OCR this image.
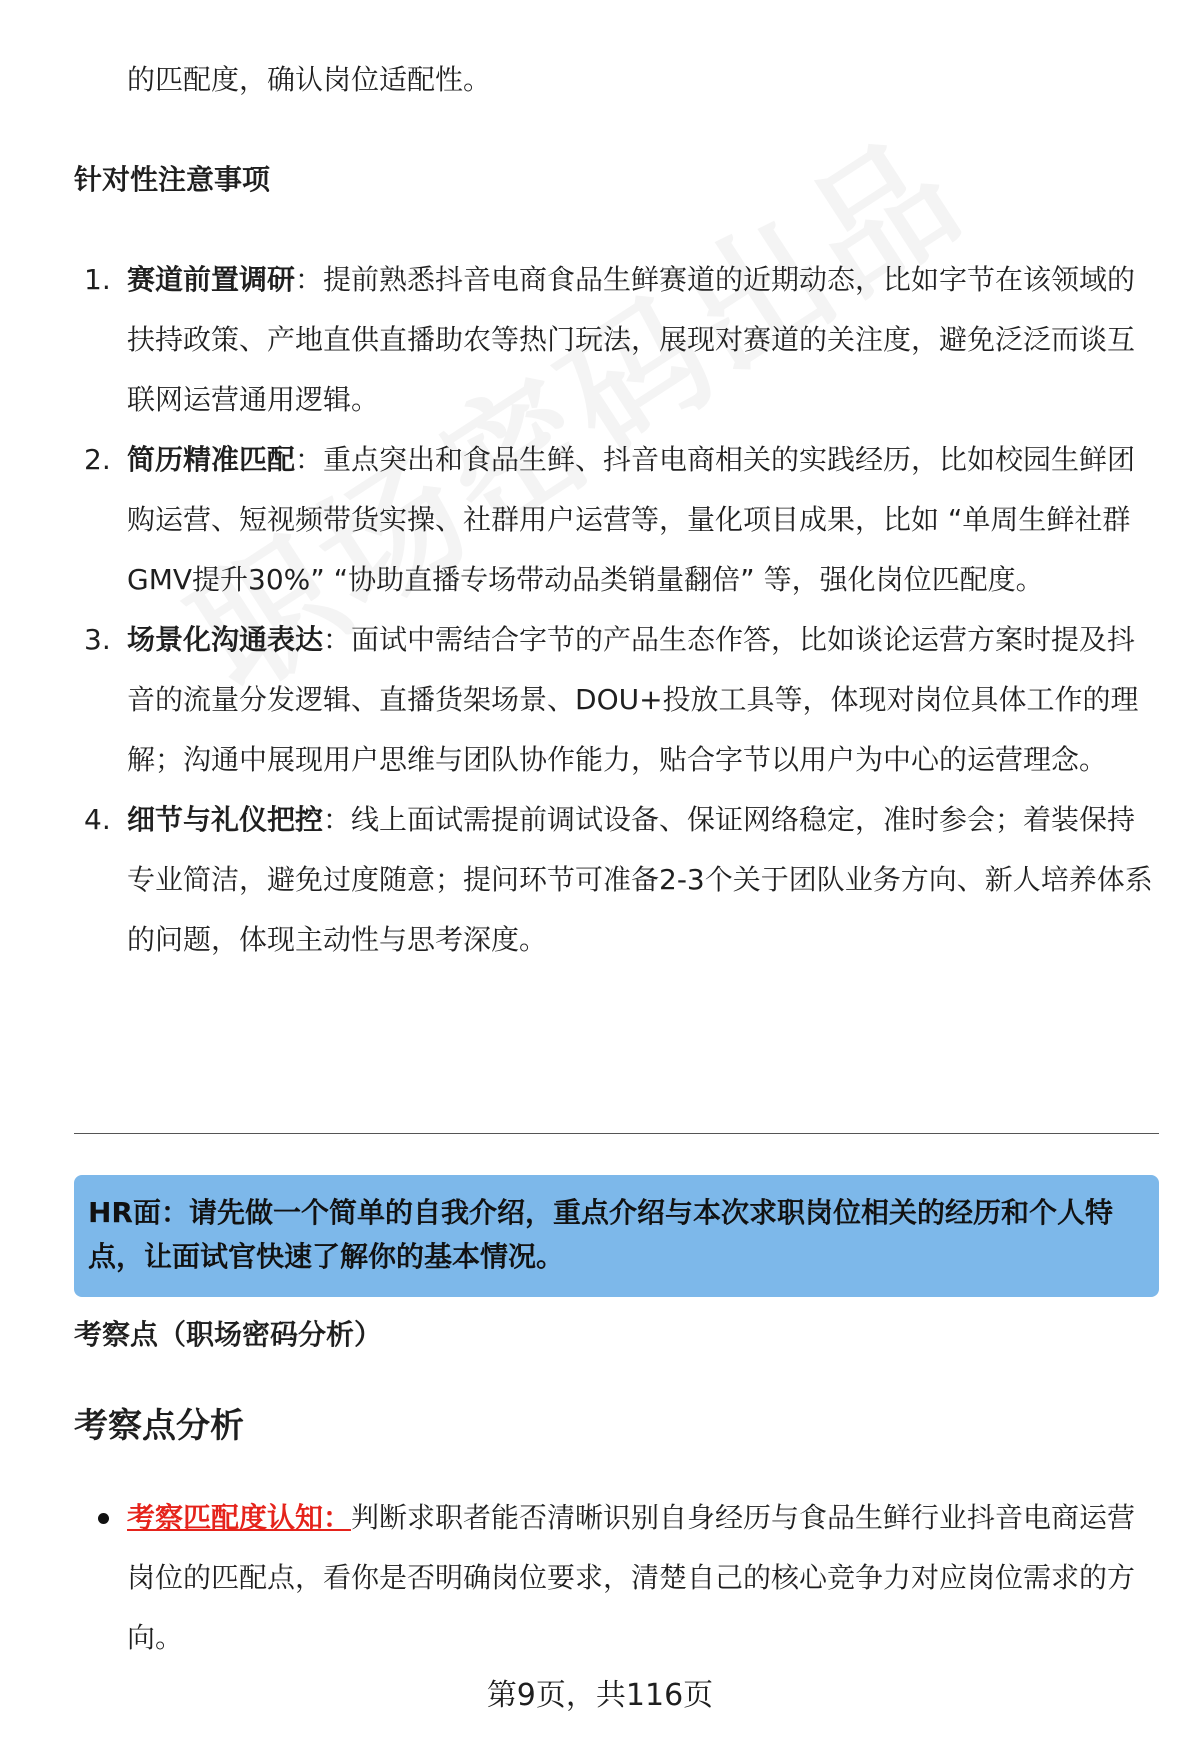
的匹配度，确认岗位适配性。
针对性注意事项
1. 赛道前置调研：提前熟悉抖音电商食品生鲜赛道的近期动态，比如字节在该领域的扶持政策、产地直供直播助农等热门玩法，展现对赛道的关注度，避免泛泛而谈互联网运营通用逻辑。
2. 简历精准匹配：重点突出和食品生鲜、抖音电商相关的实践经历，比如校园生鲜团购运营、短视频带货实操、社群用户运营等，量化项目成果，比如 “单周生鲜社群GMV提升30%” “协助直播专场带动品类销量翻倍” 等，强化岗位匹配度。
3. 场景化沟通表达：面试中需结合字节的产品生态作答，比如谈论运营方案时提及抖音的流量分发逻辑、直播货架场景、DOU+投放工具等，体现对岗位具体工作的理解；沟通中展现用户思维与团队协作能力，贴合字节以用户为中心的运营理念。
4. 细节与礼仪把控：线上面试需提前调试设备、保证网络稳定，准时参会；着装保持专业简洁，避免过度随意；提问环节可准备2-3个关于团队业务方向、新人培养体系的问题，体现主动性与思考深度。

HR面：请先做一个简单的自我介绍，重点介绍与本次求职岗位相关的经历和个人特点，让面试官快速了解你的基本情况。

考察点（职场密码分析）
考察点分析
考察匹配度认知：判断求职者能否清晰识别自身经历与食品生鲜行业抖音电商运营岗位的匹配点，看你是否明确岗位要求，清楚自己的核心竞争力对应岗位需求的方向。
第9页，共116页
